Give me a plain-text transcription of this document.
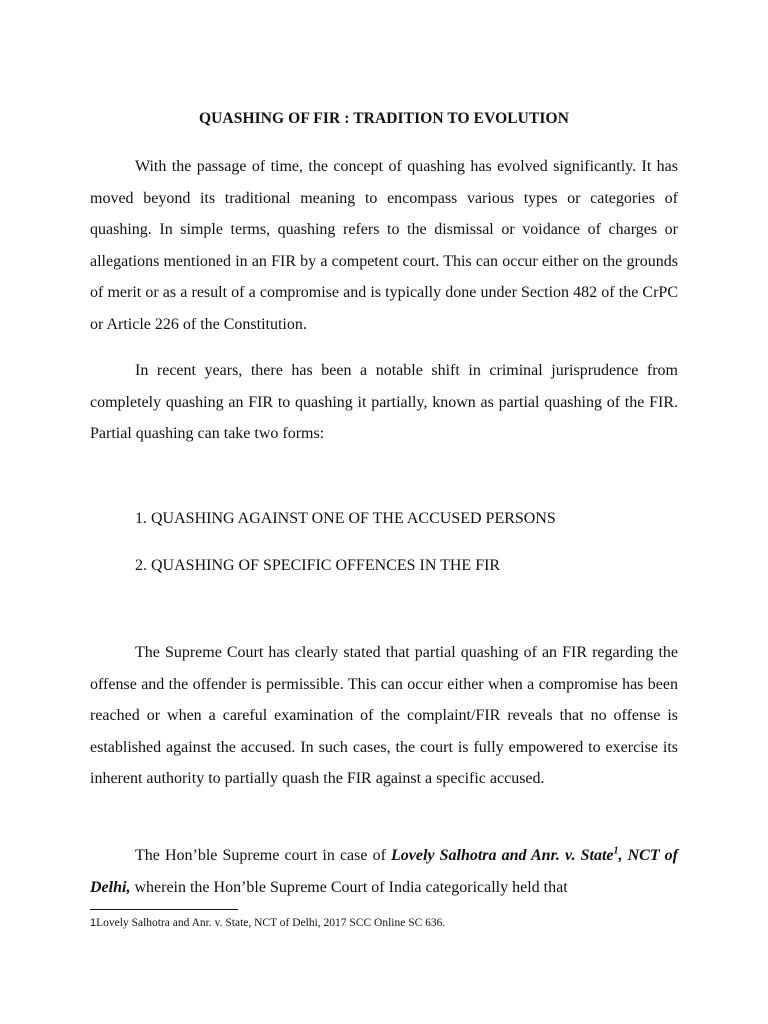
QUASHING OF FIR : TRADITION TO EVOLUTION

With the passage of time, the concept of quashing has evolved significantly. It has moved beyond its traditional meaning to encompass various types or categories of quashing. In simple terms, quashing refers to the dismissal or voidance of charges or allegations mentioned in an FIR by a competent court. This can occur either on the grounds of merit or as a result of a compromise and is typically done under Section 482 of the CrPC or Article 226 of the Constitution.

In recent years, there has been a notable shift in criminal jurisprudence from completely quashing an FIR to quashing it partially, known as partial quashing of the FIR. Partial quashing can take two forms:

1. QUASHING AGAINST ONE OF THE ACCUSED PERSONS
2. QUASHING OF SPECIFIC OFFENCES IN THE FIR

The Supreme Court has clearly stated that partial quashing of an FIR regarding the offense and the offender is permissible. This can occur either when a compromise has been reached or when a careful examination of the complaint/FIR reveals that no offense is established against the accused. In such cases, the court is fully empowered to exercise its inherent authority to partially quash the FIR against a specific accused.

The Hon’ble Supreme court in case of Lovely Salhotra and Anr. v. State$^1$, NCT of Delhi, wherein the Hon’ble Supreme Court of India categorically held that

1Lovely Salhotra and Anr. v. State, NCT of Delhi, 2017 SCC Online SC 636.
